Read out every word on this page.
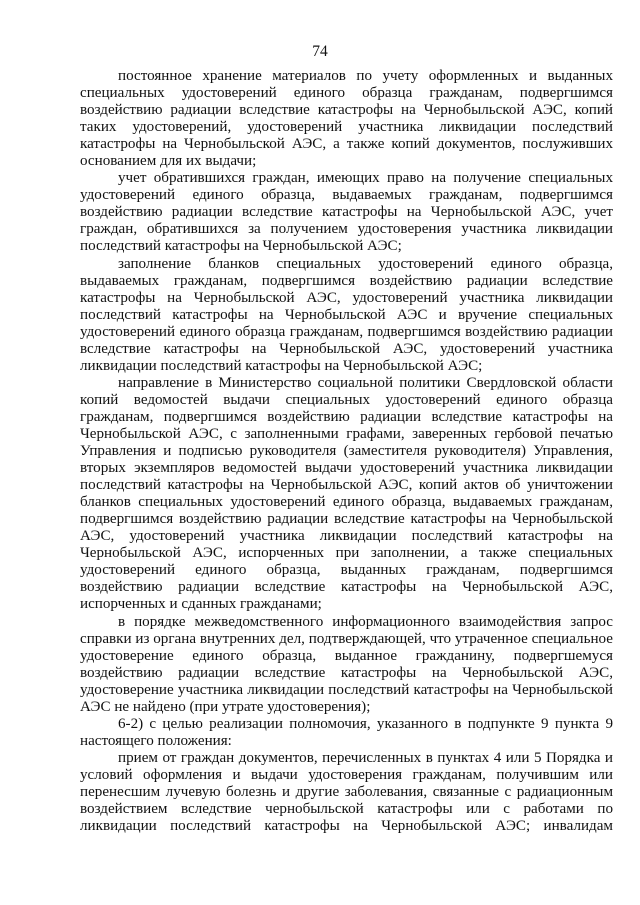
74

постоянное хранение материалов по учету оформленных и выданных специальных удостоверений единого образца гражданам, подвергшимся воздействию радиации вследствие катастрофы на Чернобыльской АЭС, копий таких удостоверений, удостоверений участника ликвидации последствий катастрофы на Чернобыльской АЭС, а также копий документов, послуживших основанием для их выдачи;

учет обратившихся граждан, имеющих право на получение специальных удостоверений единого образца, выдаваемых гражданам, подвергшимся воздействию радиации вследствие катастрофы на Чернобыльской АЭС, учет граждан, обратившихся за получением удостоверения участника ликвидации последствий катастрофы на Чернобыльской АЭС;

заполнение бланков специальных удостоверений единого образца, выдаваемых гражданам, подвергшимся воздействию радиации вследствие катастрофы на Чернобыльской АЭС, удостоверений участника ликвидации последствий катастрофы на Чернобыльской АЭС и вручение специальных удостоверений единого образца гражданам, подвергшимся воздействию радиации вследствие катастрофы на Чернобыльской АЭС, удостоверений участника ликвидации последствий катастрофы на Чернобыльской АЭС;

направление в Министерство социальной политики Свердловской области копий ведомостей выдачи специальных удостоверений единого образца гражданам, подвергшимся воздействию радиации вследствие катастрофы на Чернобыльской АЭС, с заполненными графами, заверенных гербовой печатью Управления и подписью руководителя (заместителя руководителя) Управления, вторых экземпляров ведомостей выдачи удостоверений участника ликвидации последствий катастрофы на Чернобыльской АЭС, копий актов об уничтожении бланков специальных удостоверений единого образца, выдаваемых гражданам, подвергшимся воздействию радиации вследствие катастрофы на Чернобыльской АЭС, удостоверений участника ликвидации последствий катастрофы на Чернобыльской АЭС, испорченных при заполнении, а также специальных удостоверений единого образца, выданных гражданам, подвергшимся воздействию радиации вследствие катастрофы на Чернобыльской АЭС, испорченных и сданных гражданами;

в порядке межведомственного информационного взаимодействия запрос справки из органа внутренних дел, подтверждающей, что утраченное специальное удостоверение единого образца, выданное гражданину, подвергшемуся воздействию радиации вследствие катастрофы на Чернобыльской АЭС, удостоверение участника ликвидации последствий катастрофы на Чернобыльской АЭС не найдено (при утрате удостоверения);

6-2) с целью реализации полномочия, указанного в подпункте 9 пункта 9 настоящего положения:

прием от граждан документов, перечисленных в пунктах 4 или 5 Порядка и условий оформления и выдачи удостоверения гражданам, получившим или перенесшим лучевую болезнь и другие заболевания, связанные с радиационным воздействием вследствие чернобыльской катастрофы или с работами по ликвидации последствий катастрофы на Чернобыльской АЭС; инвалидам
